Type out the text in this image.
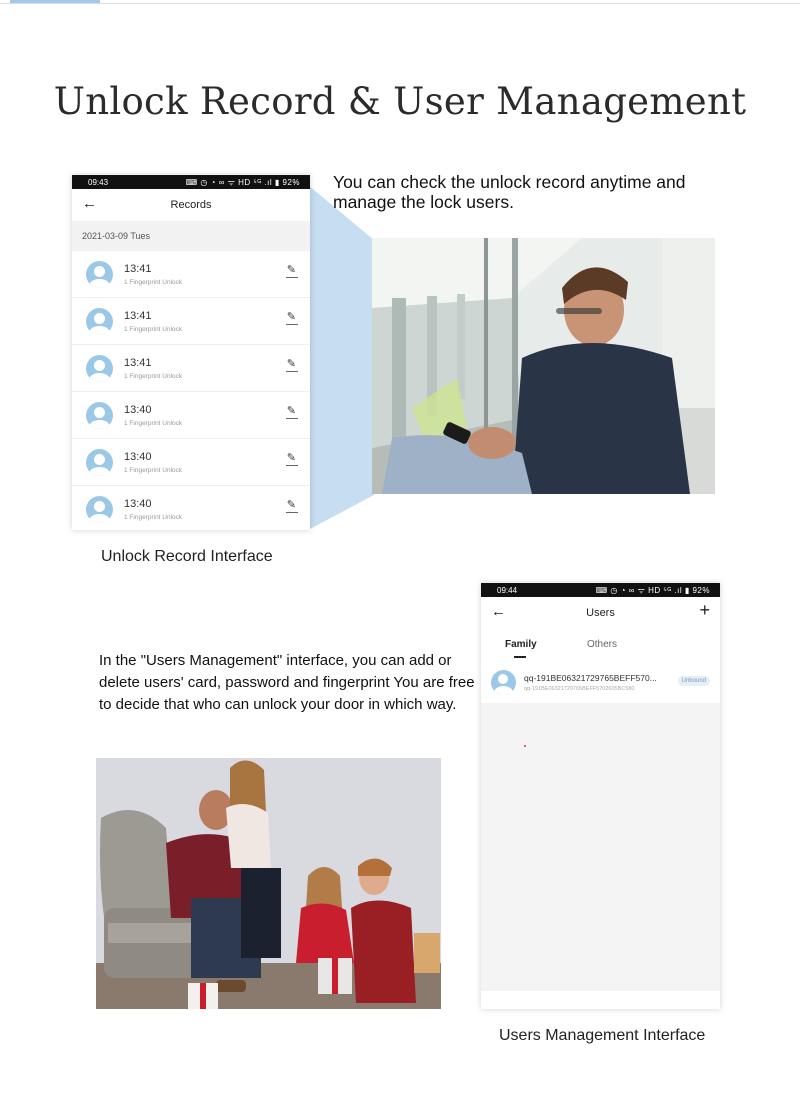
Unlock Record & User Management
09:43	⌨ ◷ ◔ ∞ ᯤ HD ⁵ᴳ .ıl ▮ 92%
←	Records
2021-03-09 Tues
13:41
1 Fingerprint Unlock
✎
13:41
1 Fingerprint Unlock
✎
13:41
1 Fingerprint Unlock
✎
13:40
1 Fingerprint Unlock
✎
13:40
1 Fingerprint Unlock
✎
13:40
1 Fingerprint Unlock
✎
You can check the unlock record anytime and manage the lock users.
Unlock Record Interface
09:44	⌨ ◷ ◔ ∞ ᯤ HD ⁵ᴳ .ıl ▮ 92%
←	Users	+
Family	Others
qq-191BE06321729765BEFF570...
qq-191BE06321729765BEFF5702605BC580
Unbound
In the "Users Management" interface, you can add or delete users' card, password and fingerprint You are free to decide that who can unlock your door in which way.
Users Management Interface
